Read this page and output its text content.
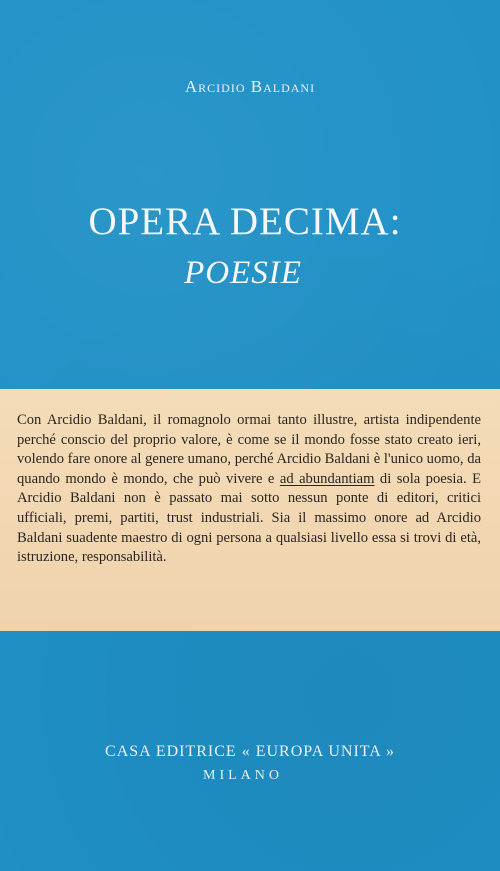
Arcidio Baldani
OPERA DECIMA:
POESIE

Con Arcidio Baldani, il romagnolo ormai tanto illustre, artista indipendente perché conscio del proprio valore, è come se il mondo fosse stato creato ieri, volendo fare onore al genere umano, perché Arcidio Baldani è l'unico uomo, da quando mondo è mondo, che può vivere e ad abundantiam di sola poesia. E Arcidio Baldani non è passato mai sotto nessun ponte di editori, critici ufficiali, premi, partiti, trust industriali. Sia il massimo onore ad Arcidio Baldani suadente maestro di ogni persona a qualsiasi livello essa si trovi di età, istruzione, responsabilità.

CASA EDITRICE « EUROPA UNITA »
MILANO
